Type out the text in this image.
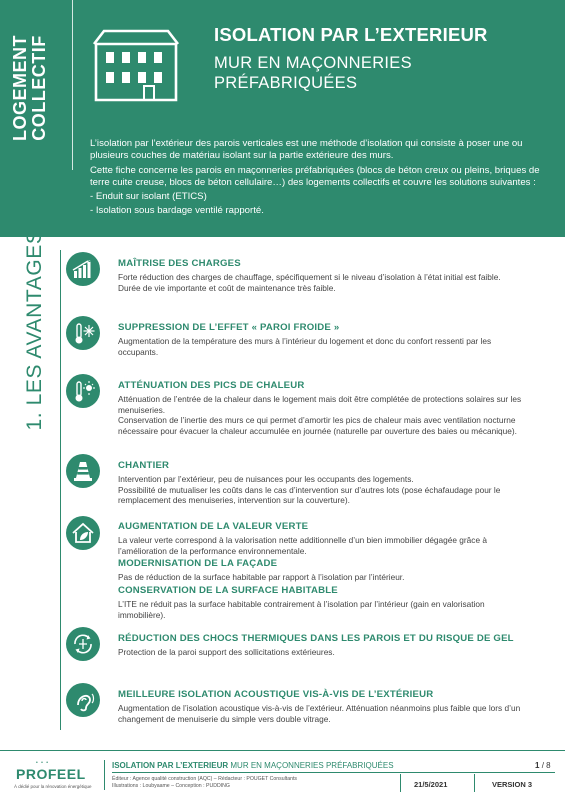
LOGEMENT
COLLECTIF
ISOLATION PAR L’EXTERIEUR
MUR EN MAÇONNERIES PRÉFABRIQUÉES

L’isolation par l’extérieur des parois verticales est une méthode d’isolation qui consiste à poser une ou plusieurs couches de matériau isolant sur la partie extérieure des murs.

Cette fiche concerne les parois en maçonneries préfabriquées (blocs de béton creux ou pleins, briques de terre cuite creuse, blocs de béton cellulaire…) des logements collectifs et couvre les solutions suivantes :

- Enduit sur isolant (ETICS)

- Isolation sous bardage ventilé rapporté.

1. LES AVANTAGES	€	MAÎTRISE DES CHARGES

Forte réduction des charges de chauffage, spécifiquement si le niveau d’isolation à l’état initial est faible.

Durée de vie importante et coût de maintenance très faible.

SUPPRESSION DE L’EFFET « PAROI FROIDE »

Augmentation de la température des murs à l’intérieur du logement et donc du confort ressenti par les occupants.

ATTÉNUATION DES PICS DE CHALEUR

Atténuation de l’entrée de la chaleur dans le logement mais doit être complétée de protections solaires sur les menuiseries.

Conservation de l’inertie des murs ce qui permet d’amortir les pics de chaleur mais avec ventilation nocturne nécessaire pour évacuer la chaleur accumulée en journée (naturelle par ouverture des baies ou mécanique).

CHANTIER

Intervention par l’extérieur, peu de nuisances pour les occupants des logements.

Possibilité de mutualiser les coûts dans le cas d’intervention sur d’autres lots (pose échafaudage pour le remplacement des menuiseries, intervention sur la couverture).

AUGMENTATION DE LA VALEUR VERTE

La valeur verte correspond à la valorisation nette additionnelle d’un bien immobilier dégagée grâce à l’amélioration de la performance environnementale.

MODERNISATION DE LA FAÇADE

Pas de réduction de la surface habitable par rapport à l’isolation par l’intérieur.

CONSERVATION DE LA SURFACE HABITABLE

L’ITE ne réduit pas la surface habitable contrairement à l’isolation par l’intérieur (gain en valorisation immobilière).

RÉDUCTION DES CHOCS THERMIQUES DANS LES PAROIS ET DU RISQUE DE GEL

Protection de la paroi support des sollicitations extérieures.

MEILLEURE ISOLATION ACOUSTIQUE VIS-À-VIS DE L’EXTÉRIEUR

Augmentation de l’isolation acoustique vis-à-vis de l’extérieur. Atténuation néanmoins plus faible que lors d’un changement de menuiserie du simple vers double vitrage.

• • •
PROFEEL
À dédié pour la rénovation énergétique
ISOLATION PAR L’EXTERIEUR MUR EN MAÇONNERIES PRÉFABRIQUÉES	1 / 8
Éditeur : Agence qualité construction (AQC) – Rédacteur : POUGET Consultants
Illustrations : Loubyaame – Conception : PUDDING	21/5/2021	VERSION 3
